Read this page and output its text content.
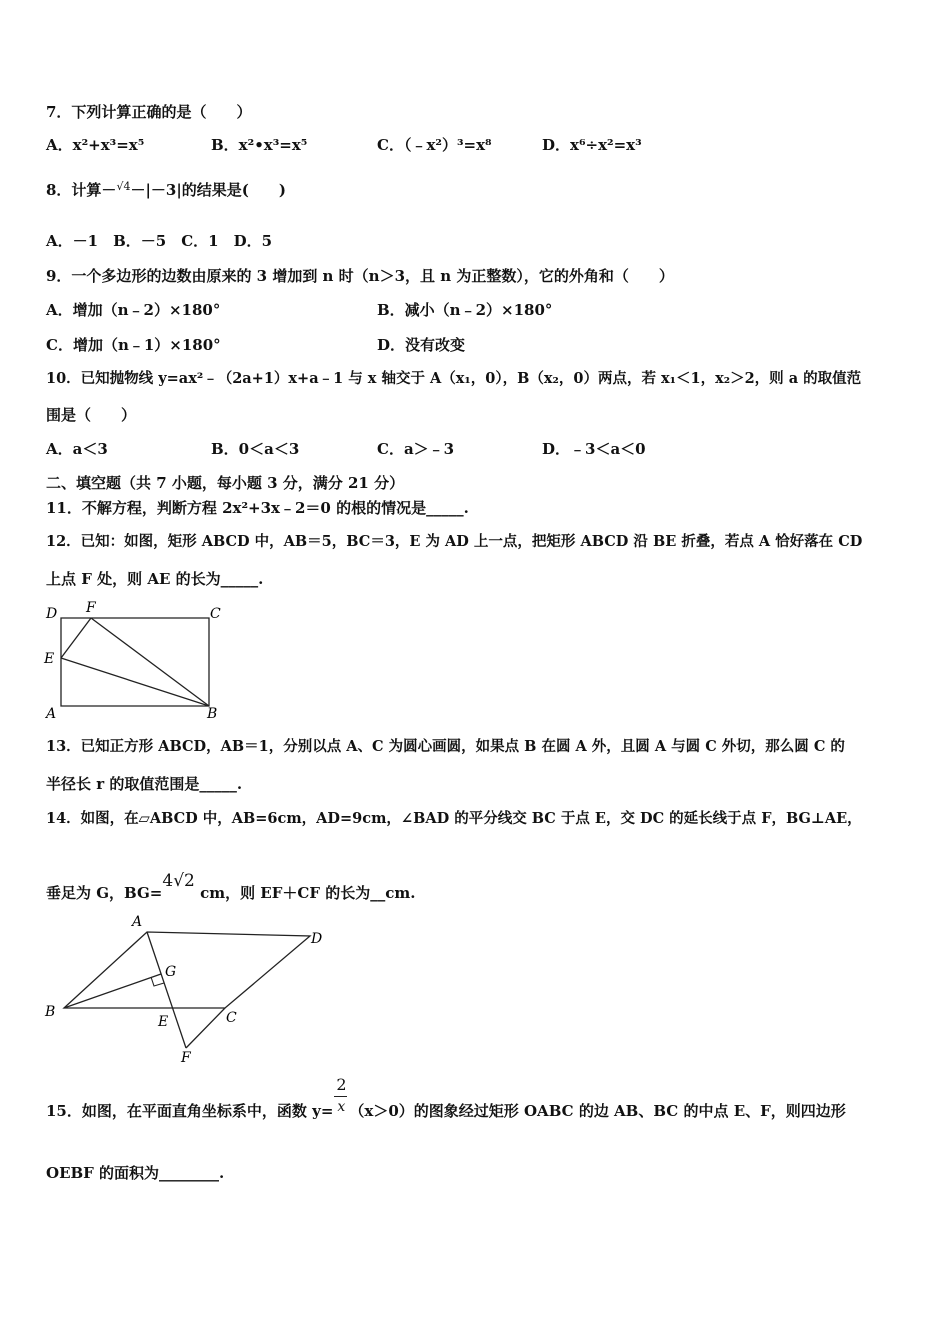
7．下列计算正确的是（　　）
A．x²+x³=x⁵	B．x²•x³=x⁵	C．（﹣x²）³=x⁸	D．x⁶÷x²=x³
8．计算－$^{√4}$－|－3|的结果是(　　)
A．－1　B．－5　C．1　D．5
9．一个多边形的边数由原来的 3 增加到 n 时（n＞3，且 n 为正整数），它的外角和（　　）
A．增加（n﹣2）×180°	B．减小（n﹣2）×180°
C．增加（n﹣1）×180°	D．没有改变
10．已知抛物线 y=ax²﹣（2a+1）x+a﹣1 与 x 轴交于 A（x₁，0），B（x₂，0）两点，若 x₁＜1，x₂＞2，则 a 的取值范
围是（　　）
A．a＜3	B．0＜a＜3	C．a＞﹣3	D．﹣3＜a＜0
二、填空题（共 7 小题，每小题 3 分，满分 21 分）
11．不解方程，判断方程 2x²+3x﹣2＝0 的根的情况是_____.
12．已知：如图，矩形 ABCD 中，AB＝5，BC＝3，E 为 AD 上一点，把矩形 ABCD 沿 BE 折叠，若点 A 恰好落在 CD
上点 F 处，则 AE 的长为_____.
D F	C
E
A	B
13．已知正方形 ABCD，AB＝1，分别以点 A、C 为圆心画圆，如果点 B 在圆 A 外，且圆 A 与圆 C 外切，那么圆 C 的
半径长 r 的取值范围是_____.
14．如图，在▱ABCD 中，AB=6cm，AD=9cm，∠BAD 的平分线交 BC 于点 E，交 DC 的延长线于点 F，BG⊥AE，
垂足为 G，BG=4√2 cm，则 EF＋CF 的长为__cm.
A
D
G
B
E	C
F
15．如图，在平面直角坐标系中，函数 $y= \frac{2}{x} (x>0)$的图象经过矩形 OABC 的边 AB、BC 的中点 E、F，则四边形
OEBF 的面积为________.
